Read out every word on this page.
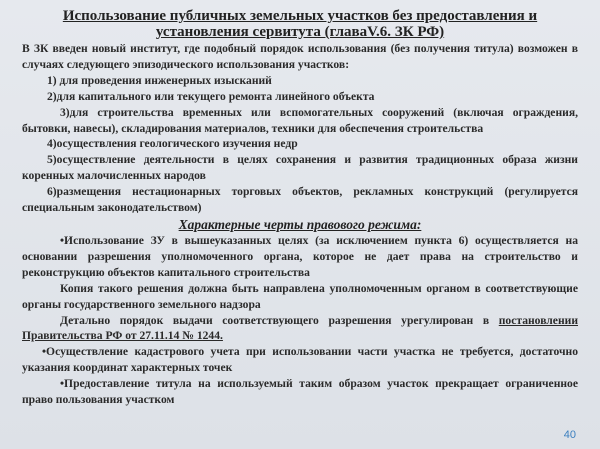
Использование публичных земельных участков без предоставления и
установления сервитута (главаV.6. ЗК РФ)

В ЗК введен новый институт, где подобный порядок использования (без получения титула) возможен в случаях следующего эпизодического использования участков:

1) для проведения инженерных изысканий

2)для капитального или текущего ремонта линейного объекта

3)для строительства временных или вспомогательных сооружений (включая ограждения, бытовки, навесы), складирования материалов, техники для обеспечения строительства

4)осуществления геологического изучения недр

5)осуществление деятельности в целях сохранения и развития традиционных образа жизни коренных малочисленных народов

6)размещения нестационарных торговых объектов, рекламных конструкций (регулируется специальным законодательством)

Характерные черты правового режима:

•Использование ЗУ в вышеуказанных целях (за исключением пункта 6) осуществляется на основании разрешения уполномоченного органа, которое не дает права на строительство и реконструкцию объектов капитального строительства

Копия такого решения должна быть направлена уполномоченным органом в соответствующие органы государственного земельного надзора

Детально порядок выдачи соответствующего разрешения урегулирован в постановлении Правительства РФ от 27.11.14 № 1244.

•Осуществление кадастрового учета при использовании части участка не требуется, достаточно указания координат характерных точек

•Предоставление титула на используемый таким образом участок прекращает ограниченное право пользования участком

40
